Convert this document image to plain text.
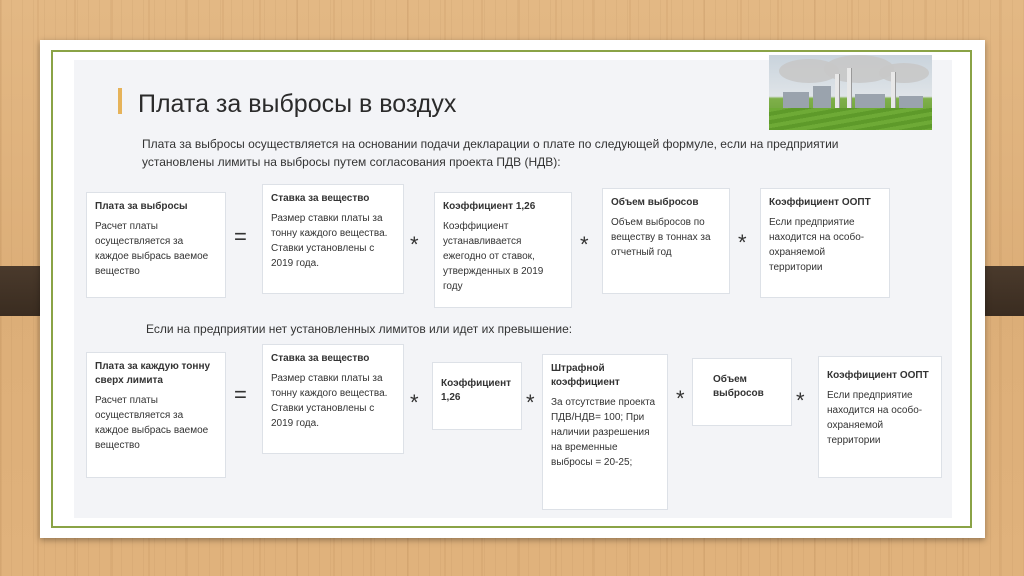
Плата за выбросы в воздух
Плата за выбросы осуществляется на основании подачи декларации о плате по следующей формуле, если на предприятии установлены лимиты на выбросы путем согласования проекта ПДВ (НДВ):
Плата за выбросы
Расчет платы осуществляется за каждое выбрась ваемое вещество
=
Ставка за вещество
Размер ставки платы за тонну каждого вещества. Ставки установлены с 2019 года.
*
Коэффициент 1,26
Коэффициент устанавливается ежегодно от ставок, утвержденных в 2019 году
*
Объем выбросов
Объем выбросов по веществу в тоннах за отчетный год	*
Коэффициент ООПТ
Если предприятие находится на особо-охраняемой территории
Если на предприятии нет установленных лимитов или идет их превышение:
Плата за каждую тонну сверх лимита
Расчет платы осуществляется за каждое выбрась ваемое вещество
=
Ставка за вещество
Размер ставки платы за тонну каждого вещества. Ставки установлены с 2019 года.
*
Коэффициент 1,26	*
Штрафной коэффициент
За отсутствие проекта ПДВ/НДВ= 100; При наличии разрешения на временные выбросы = 20-25;
*
Объем выбросов	*
Коэффициент ООПТ
Если предприятие находится на особо-охраняемой территории
